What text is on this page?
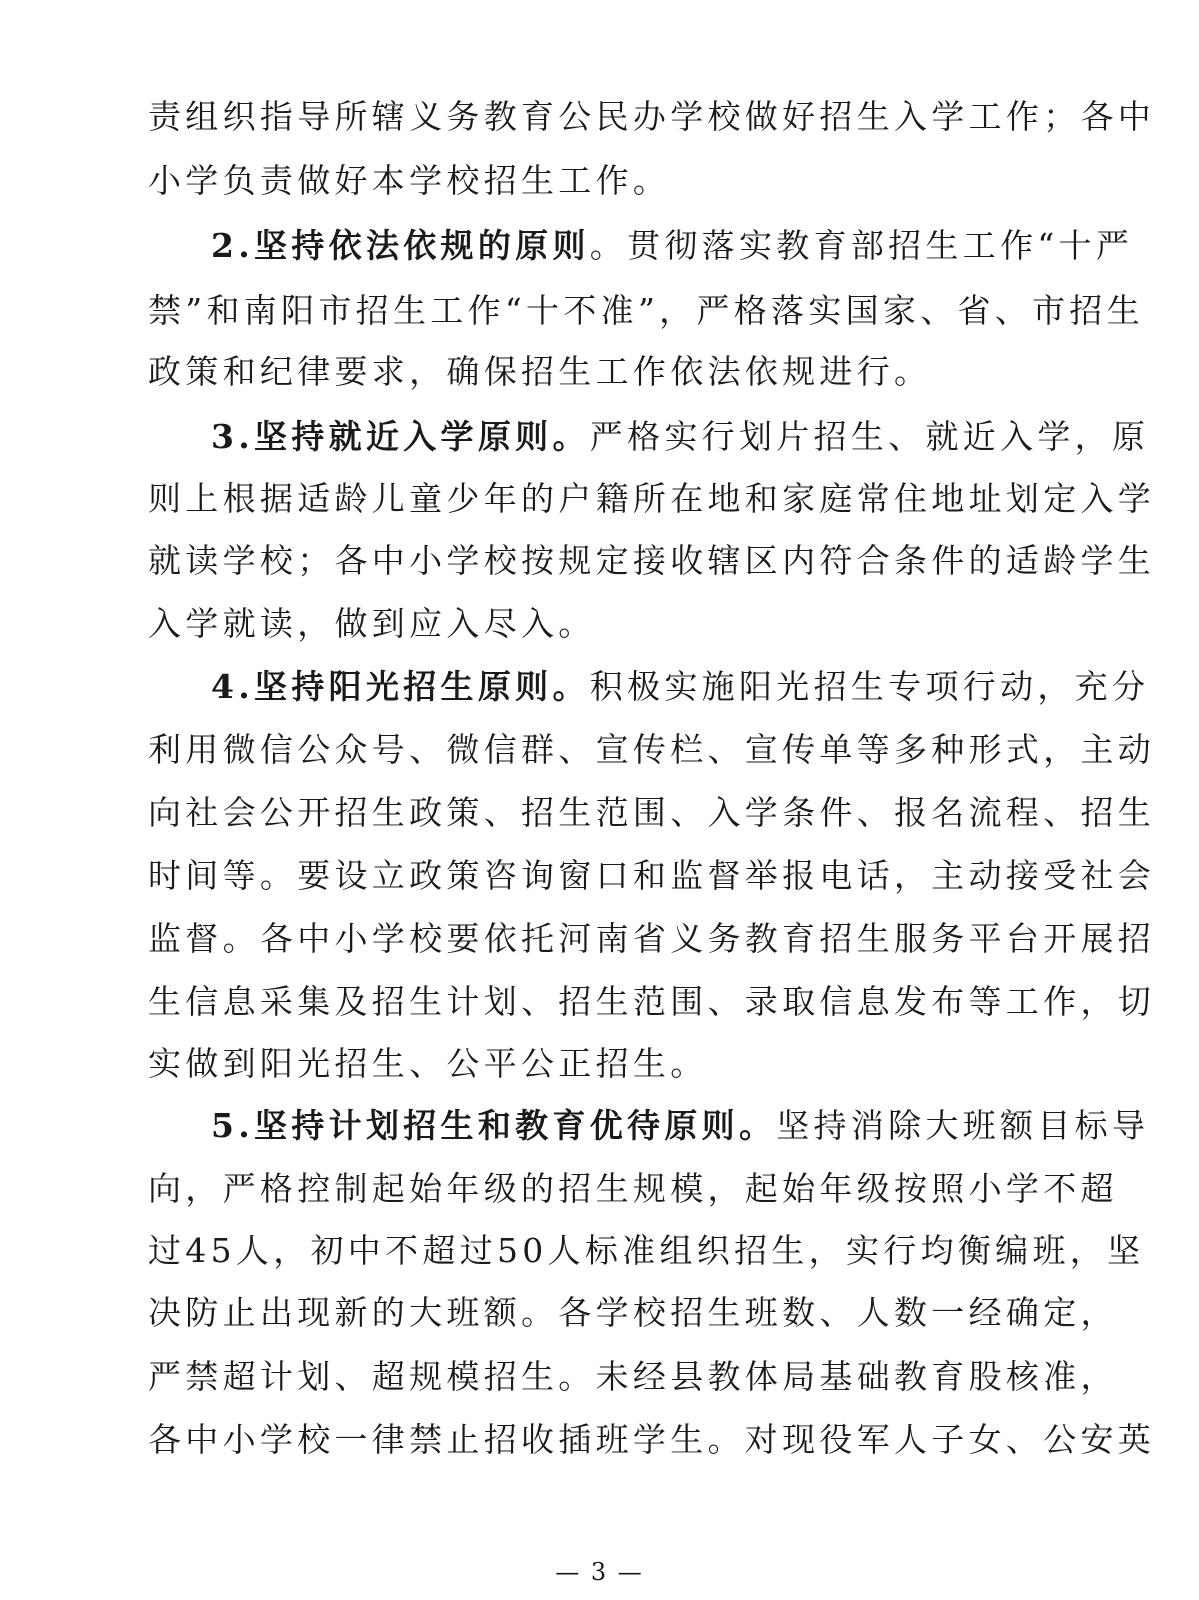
责组织指导所辖义务教育公民办学校做好招生入学工作；各中
小学负责做好本学校招生工作。
2.坚持依法依规的原则。贯彻落实教育部招生工作“十严
禁”和南阳市招生工作“十不准”，严格落实国家、省、市招生
政策和纪律要求，确保招生工作依法依规进行。
3.坚持就近入学原则。严格实行划片招生、就近入学，原
则上根据适龄儿童少年的户籍所在地和家庭常住地址划定入学
就读学校；各中小学校按规定接收辖区内符合条件的适龄学生
入学就读，做到应入尽入。
4.坚持阳光招生原则。积极实施阳光招生专项行动，充分
利用微信公众号、微信群、宣传栏、宣传单等多种形式，主动
向社会公开招生政策、招生范围、入学条件、报名流程、招生
时间等。要设立政策咨询窗口和监督举报电话，主动接受社会
监督。各中小学校要依托河南省义务教育招生服务平台开展招
生信息采集及招生计划、招生范围、录取信息发布等工作，切
实做到阳光招生、公平公正招生。
5.坚持计划招生和教育优待原则。坚持消除大班额目标导
向，严格控制起始年级的招生规模，起始年级按照小学不超
过45人，初中不超过50人标准组织招生，实行均衡编班，坚
决防止出现新的大班额。各学校招生班数、人数一经确定，
严禁超计划、超规模招生。未经县教体局基础教育股核准，
各中小学校一律禁止招收插班学生。对现役军人子女、公安英
— 3 —
